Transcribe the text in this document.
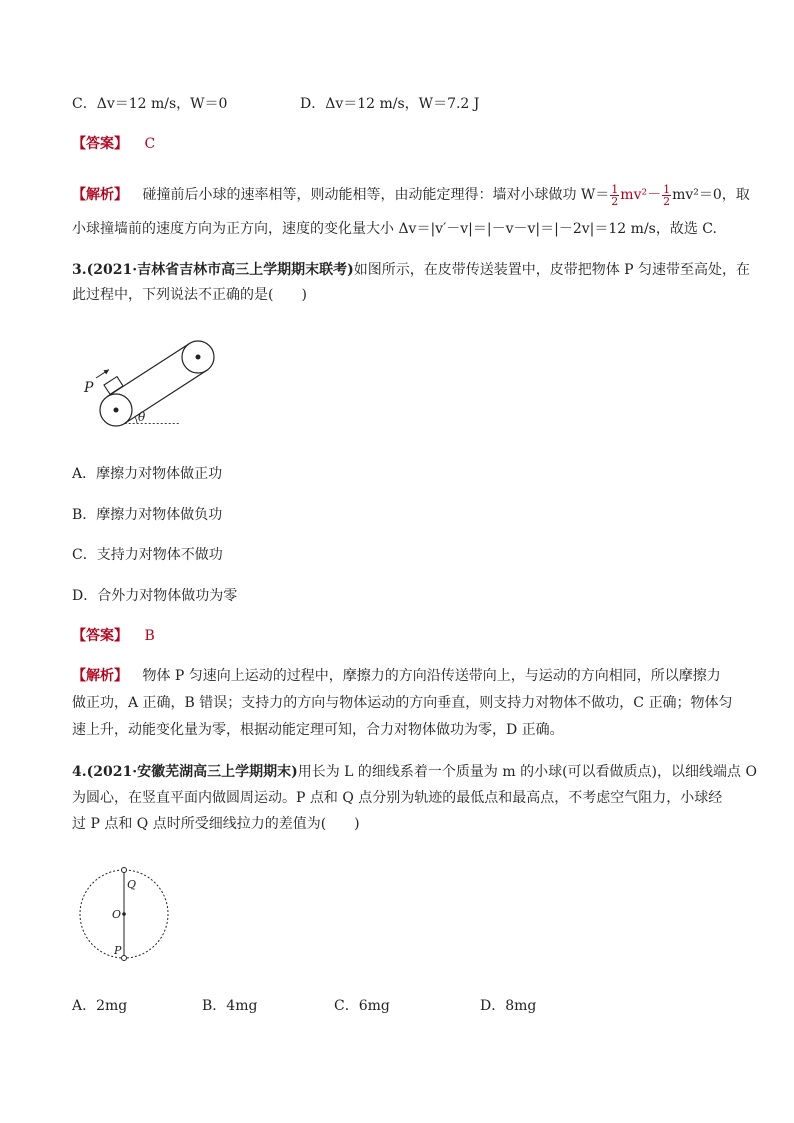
C．Δv＝12 m/s，W＝0	D．Δv＝12 m/s，W＝7.2 J
【答案】 C
【解析】 碰撞前后小球的速率相等，则动能相等，由动能定理得：墙对小球做功 $W= \frac{1}{2} mv^2- \frac{1}{2} mv^2=0$，取
小球撞墙前的速度方向为正方向，速度的变化量大小 Δv＝|v′－v|＝|－v－v|＝|－2v|＝12 m/s，故选 C.
3.(2021·吉林省吉林市高三上学期期末联考)如图所示，在皮带传送装置中，皮带把物体 P 匀速带至高处，在
此过程中，下列说法不正确的是(　　)
P
θ
A．摩擦力对物体做正功
B．摩擦力对物体做负功
C．支持力对物体不做功
D．合外力对物体做功为零
【答案】 B
【解析】 物体 P 匀速向上运动的过程中，摩擦力的方向沿传送带向上，与运动的方向相同，所以摩擦力
做正功，A 正确，B 错误；支持力的方向与物体运动的方向垂直，则支持力对物体不做功，C 正确；物体匀
速上升，动能变化量为零，根据动能定理可知，合力对物体做功为零，D 正确。
4.(2021·安徽芜湖高三上学期期末)用长为 L 的细线系着一个质量为 m 的小球(可以看做质点)，以细线端点 O
为圆心，在竖直平面内做圆周运动。P 点和 Q 点分别为轨迹的最低点和最高点，不考虑空气阻力，小球经
过 P 点和 Q 点时所受细线拉力的差值为(　　)
Q
O
P
A．2mg	B．4mg	C．6mg	D．8mg
